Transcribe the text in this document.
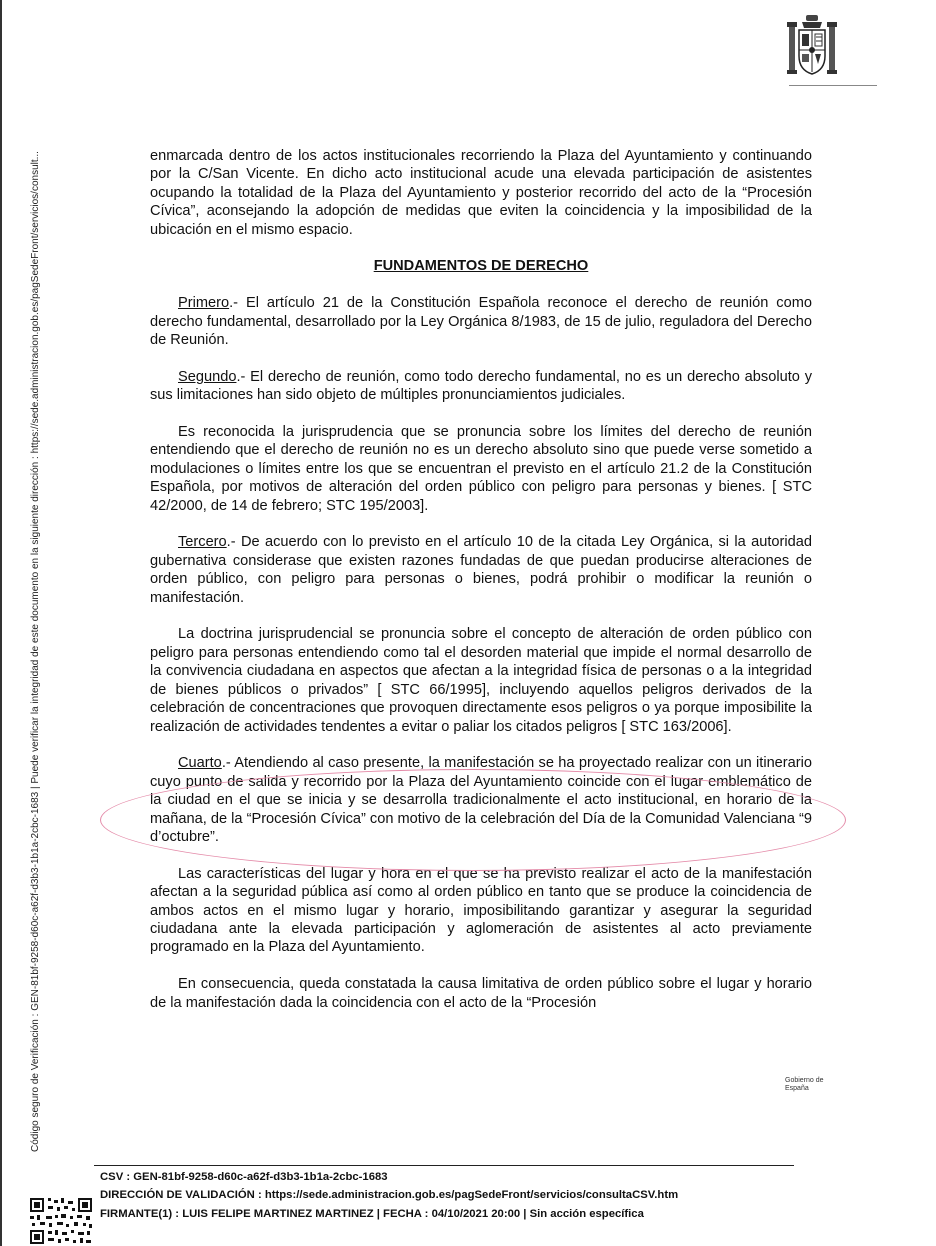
Código seguro de Verificación : GEN-81bf-9258-d60c-a62f-d3b3-1b1a-2cbc-1683 | Puede verificar la integridad de este documento en la siguiente dirección : https://sede.administracion.gob.es/pagSedeFront/servicios/consult...	enmarcada dentro de los actos institucionales recorriendo la Plaza del Ayuntamiento y continuando por la C/San Vicente. En dicho acto institucional acude una elevada participación de asistentes ocupando la totalidad de la Plaza del Ayuntamiento y posterior recorrido del acto de la “Procesión Cívica”, aconsejando la adopción de medidas que eviten la coincidencia y la imposibilidad de la ubicación en el mismo espacio.

FUNDAMENTOS DE DERECHO

Primero.- El artículo 21 de la Constitución Española reconoce el derecho de reunión como derecho fundamental, desarrollado por la Ley Orgánica 8/1983, de 15 de julio, reguladora del Derecho de Reunión.

Segundo.- El derecho de reunión, como todo derecho fundamental, no es un derecho absoluto y sus limitaciones han sido objeto de múltiples pronunciamientos judiciales.

Es reconocida la jurisprudencia que se pronuncia sobre los límites del derecho de reunión entendiendo que el derecho de reunión no es un derecho absoluto sino que puede verse sometido a modulaciones o límites entre los que se encuentran el previsto en el artículo 21.2 de la Constitución Española, por motivos de alteración del orden público con peligro para personas y bienes. [ STC 42/2000, de 14 de febrero; STC 195/2003].

Tercero.- De acuerdo con lo previsto en el artículo 10 de la citada Ley Orgánica, si la autoridad gubernativa considerase que existen razones fundadas de que puedan producirse alteraciones de orden público, con peligro para personas o bienes, podrá prohibir o modificar la reunión o manifestación.

La doctrina jurisprudencial se pronuncia sobre el concepto de alteración de orden público con peligro para personas entendiendo como tal el desorden material que impide el normal desarrollo de la convivencia ciudadana en aspectos que afectan a la integridad física de personas o a la integridad de bienes públicos o privados” [ STC 66/1995], incluyendo aquellos peligros derivados de la celebración de concentraciones que provoquen directamente esos peligros o ya porque imposibilite la realización de actividades tendentes a evitar o paliar los citados peligros [ STC 163/2006].

Cuarto.- Atendiendo al caso presente, la manifestación se ha proyectado realizar con un itinerario cuyo punto de salida y recorrido por la Plaza del Ayuntamiento coincide con el lugar emblemático de la ciudad en el que se inicia y se desarrolla tradicionalmente el acto institucional, en horario de la mañana, de la “Procesión Cívica” con motivo de la celebración del Día de la Comunidad Valenciana “9 d’octubre”.

Las características del lugar y hora en el que se ha previsto realizar el acto de la manifestación afectan a la seguridad pública así como al orden público en tanto que se produce la coincidencia de ambos actos en el mismo lugar y horario, imposibilitando garantizar y asegurar la seguridad ciudadana ante la elevada participación y aglomeración de asistentes al acto previamente programado en la Plaza del Ayuntamiento.

En consecuencia, queda constatada la causa limitativa de orden público sobre el lugar y horario de la manifestación dada la coincidencia con el acto de la “Procesión

Gobierno de
España
CSV : GEN-81bf-9258-d60c-a62f-d3b3-1b1a-2cbc-1683
DIRECCIÓN DE VALIDACIÓN : https://sede.administracion.gob.es/pagSedeFront/servicios/consultaCSV.htm
FIRMANTE(1) : LUIS FELIPE MARTINEZ MARTINEZ | FECHA : 04/10/2021 20:00 | Sin acción específica
